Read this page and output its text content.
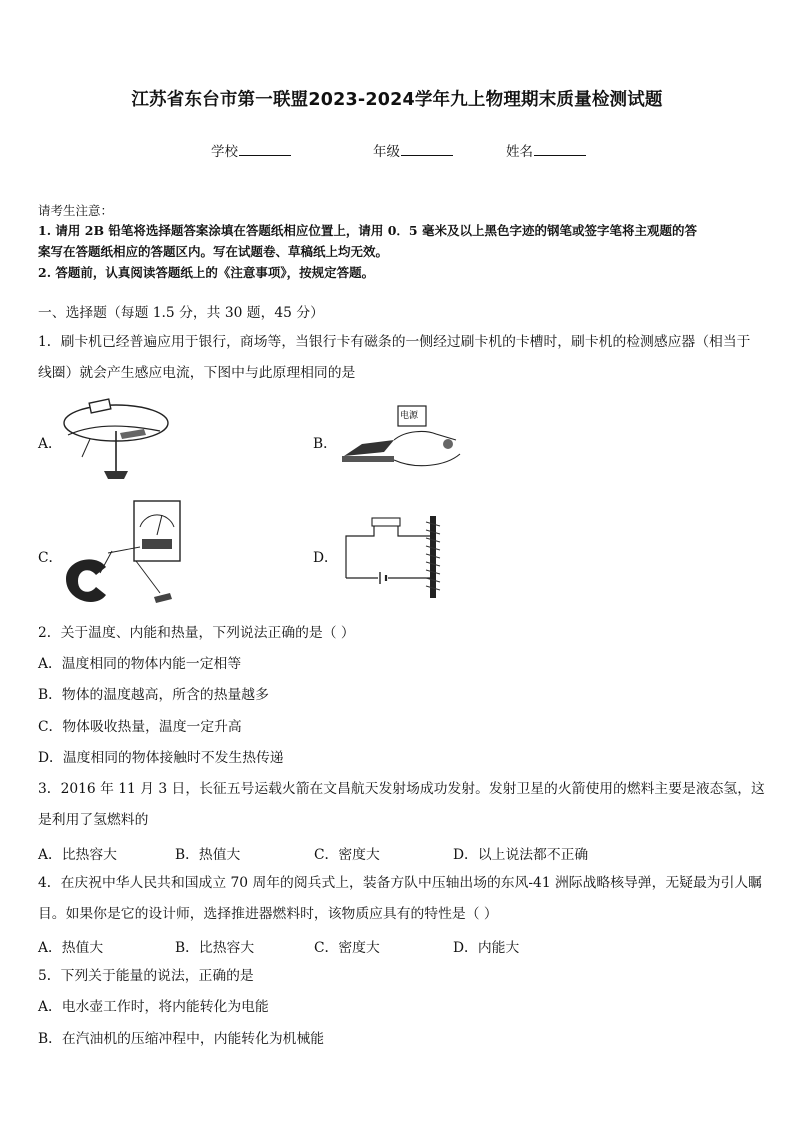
江苏省东台市第一联盟2023-2024学年九上物理期末质量检测试题
学校	年级	姓名
请考生注意：
1. 请用 2B 铅笔将选择题答案涂填在答题纸相应位置上，请用 0．5 毫米及以上黑色字迹的钢笔或签字笔将主观题的答
案写在答题纸相应的答题区内。写在试题卷、草稿纸上均无效。
2. 答题前，认真阅读答题纸上的《注意事项》，按规定答题。
一、选择题（每题 1.5 分，共 30 题，45 分）
1．刷卡机已经普遍应用于银行，商场等，当银行卡有磁条的一侧经过刷卡机的卡槽时，刷卡机的检测感应器（相当于
线圈）就会产生感应电流，下图中与此原理相同的是
A．	B．
电源
C．	D．
2．关于温度、内能和热量，下列说法正确的是（ ）
A．温度相同的物体内能一定相等
B．物体的温度越高，所含的热量越多
C．物体吸收热量，温度一定升高
D．温度相同的物体接触时不发生热传递
3．2016 年 11 月 3 日，长征五号运载火箭在文昌航天发射场成功发射。发射卫星的火箭使用的燃料主要是液态氢，这
是利用了氢燃料的
A．比热容大	B．热值大	C．密度大	D．以上说法都不正确
4．在庆祝中华人民共和国成立 70 周年的阅兵式上，装备方队中压轴出场的东风-41 洲际战略核导弹，无疑最为引人瞩
目。如果你是它的设计师，选择推进器燃料时，该物质应具有的特性是（ ）
A．热值大	B．比热容大	C．密度大	D．内能大
5．下列关于能量的说法，正确的是
A．电水壶工作时，将内能转化为电能
B．在汽油机的压缩冲程中，内能转化为机械能
